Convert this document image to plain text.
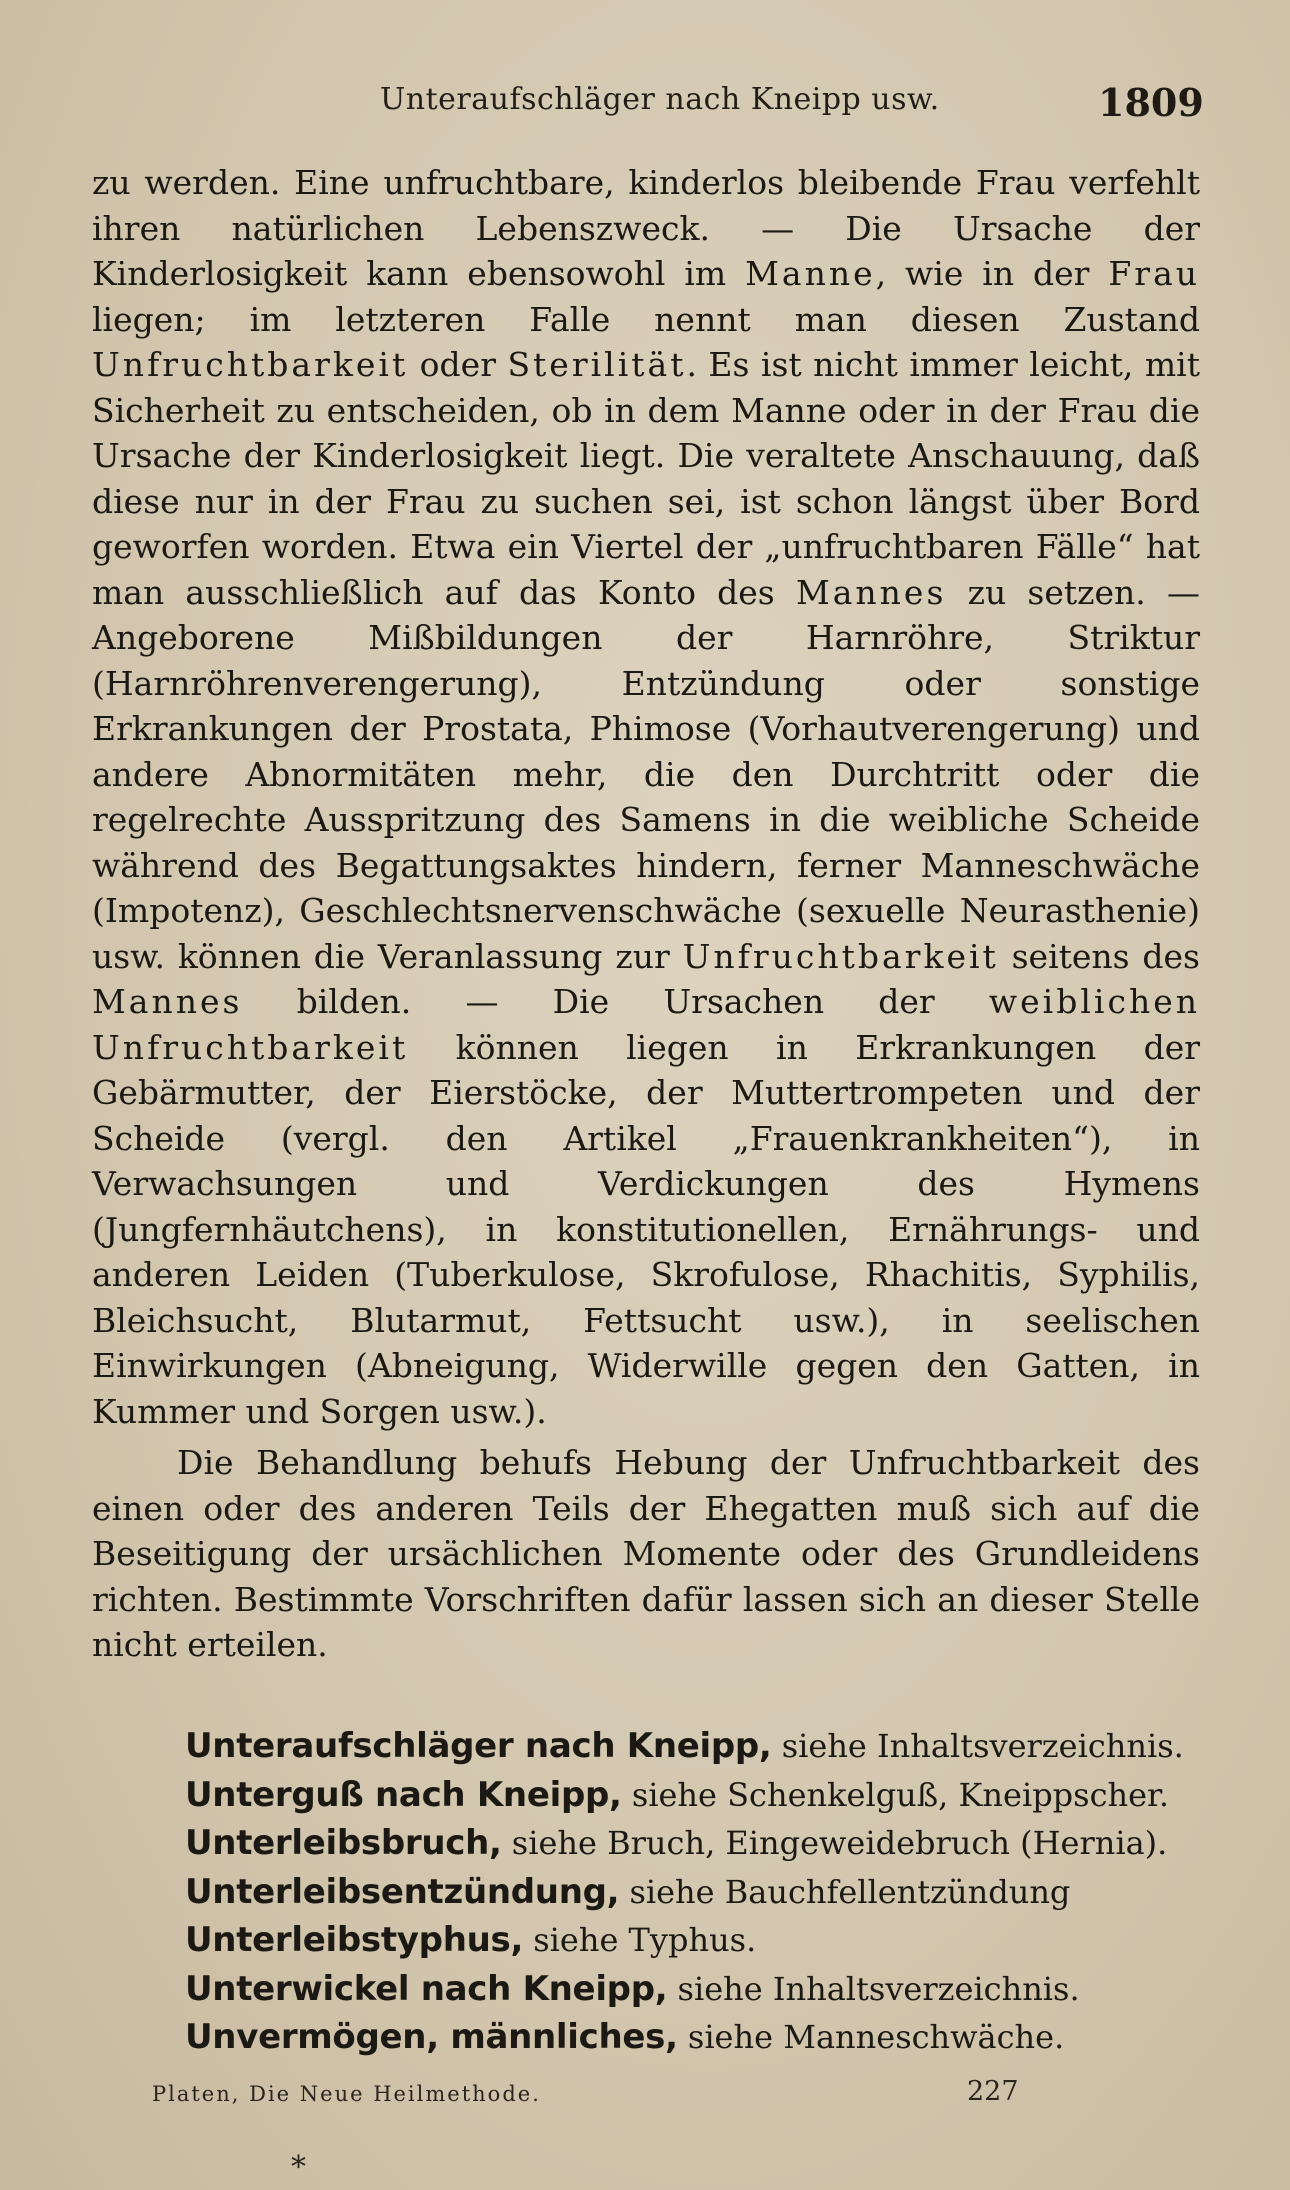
Unteraufschläger nach Kneipp usw.	1809

zu werden. Eine unfruchtbare, kinderlos bleibende Frau verfehlt ihren natürlichen Lebenszweck. — Die Ursache der Kinderlosigkeit kann ebensowohl im Manne, wie in der Frau liegen; im letzteren Falle nennt man diesen Zustand Unfruchtbarkeit oder Sterilität. Es ist nicht immer leicht, mit Sicherheit zu entscheiden, ob in dem Manne oder in der Frau die Ursache der Kinderlosigkeit liegt. Die veraltete Anschauung, daß diese nur in der Frau zu suchen sei, ist schon längst über Bord geworfen worden. Etwa ein Viertel der „unfruchtbaren Fälle“ hat man ausschließlich auf das Konto des Mannes zu setzen. — Angeborene Mißbildungen der Harnröhre, Striktur (Harnröhrenverengerung), Entzündung oder sonstige Erkrankungen der Prostata, Phimose (Vorhautverengerung) und andere Abnormitäten mehr, die den Durchtritt oder die regelrechte Ausspritzung des Samens in die weibliche Scheide während des Begattungsaktes hindern, ferner Manneschwäche (Impotenz), Geschlechtsnervenschwäche (sexuelle Neurasthenie) usw. können die Veranlassung zur Unfruchtbarkeit seitens des Mannes bilden. — Die Ursachen der weiblichen Unfruchtbarkeit können liegen in Erkrankungen der Gebärmutter, der Eierstöcke, der Muttertrompeten und der Scheide (vergl. den Artikel „Frauenkrankheiten“), in Verwachsungen und Verdickungen des Hymens (Jungfernhäutchens), in konstitutionellen, Ernährungs- und anderen Leiden (Tuberkulose, Skrofulose, Rhachitis, Syphilis, Bleichsucht, Blutarmut, Fettsucht usw.), in seelischen Einwirkungen (Abneigung, Widerwille gegen den Gatten, in Kummer und Sorgen usw.).

Die Behandlung behufs Hebung der Unfruchtbarkeit des einen oder des anderen Teils der Ehegatten muß sich auf die Beseitigung der ursächlichen Momente oder des Grundleidens richten. Bestimmte Vorschriften dafür lassen sich an dieser Stelle nicht erteilen.

Unteraufschläger nach Kneipp, siehe Inhaltsverzeichnis.
Unterguß nach Kneipp, siehe Schenkelguß, Kneippscher.
Unterleibsbruch, siehe Bruch, Eingeweidebruch (Hernia).
Unterleibsentzündung, siehe Bauchfellentzündung
Unterleibstyphus, siehe Typhus.
Unterwickel nach Kneipp, siehe Inhaltsverzeichnis.
Unvermögen, männliches, siehe Manneschwäche.
Platen, Die Neue Heilmethode.	227
*
